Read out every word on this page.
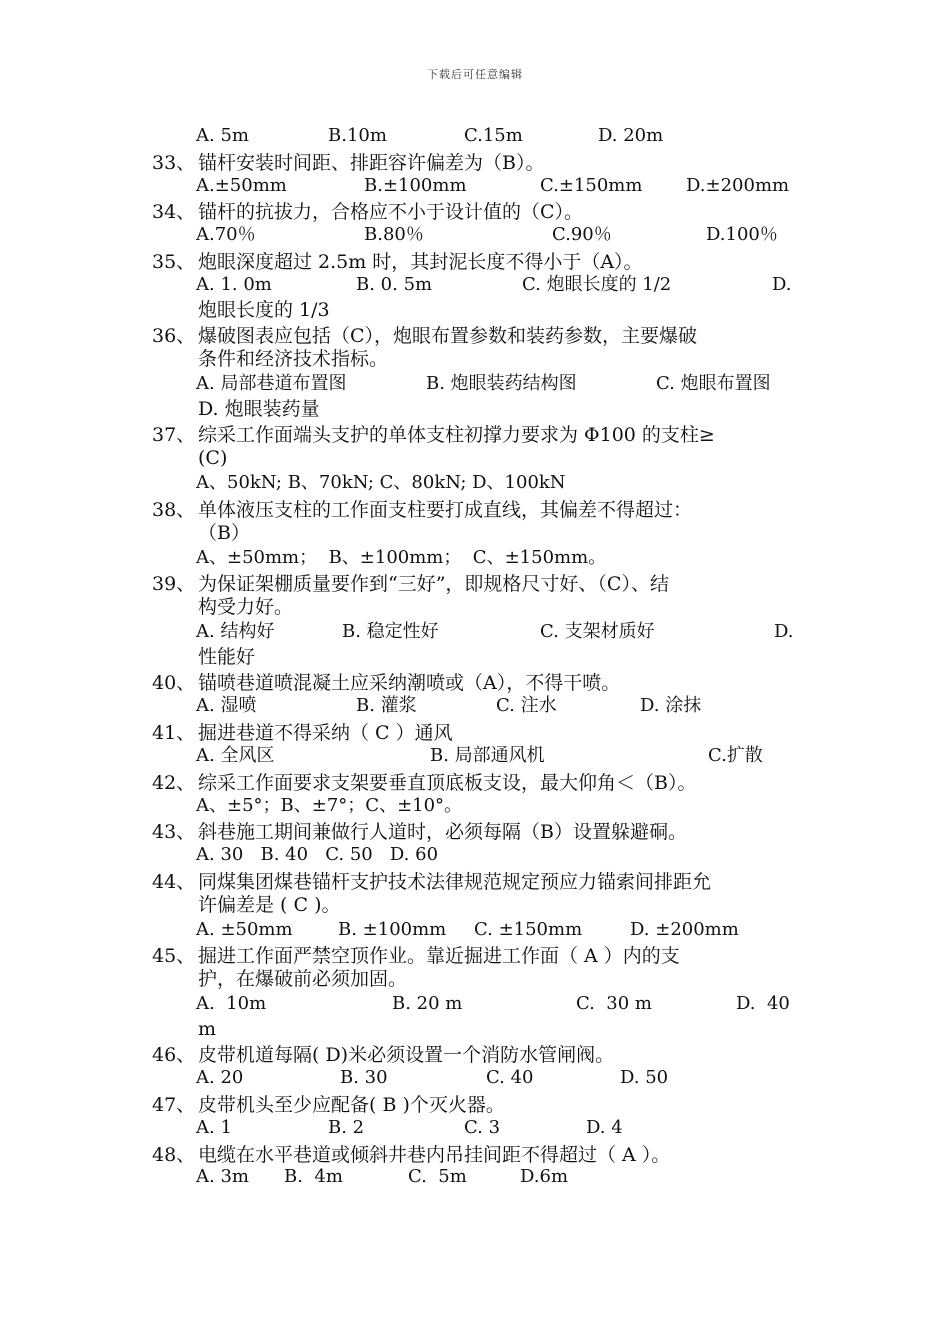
下载后可任意编辑
A. 5m	B.10m	C.15m	D. 20m
33、 锚杆安装时间距、排距容许偏差为（B）。
A.±50mm	B.±100mm	C.±150mm D.±200mm
34、 锚杆的抗拔力，合格应不小于设计值的（C）。
A.70％	B.80％	C.90％	D.100％
35、 炮眼深度超过 2.5m 时，其封泥长度不得小于（A）。
A. 1. 0m	B. 0. 5m	C. 炮眼长度的 1/2	D.
炮眼长度的 1/3
36、 爆破图表应包括（C），炮眼布置参数和装药参数，主要爆破
条件和经济技术指标。
A. 局部巷道布置图	B. 炮眼装药结构图	C. 炮眼布置图
D. 炮眼装药量
37、 综采工作面端头支护的单体支柱初撑力要求为 Φ100 的支柱≥
(C)
A、50kN; B、70kN; C、80kN; D、100kN
38、 单体液压支柱的工作面支柱要打成直线，其偏差不得超过：
（B）
A、±50mm；  B、±100mm；  C、±150mm。
39、 为保证架棚质量要作到“三好”，即规格尺寸好、（C）、结
构受力好。
A. 结构好	B. 稳定性好	C. 支架材质好	D.
性能好
40、 锚喷巷道喷混凝土应采纳潮喷或（A），不得干喷。
A. 湿喷	B. 灌浆	C. 注水	D. 涂抹
41、 掘进巷道不得采纳（ C ）通风
A. 全风区	B. 局部通风机	C.扩散
42、 综采工作面要求支架要垂直顶底板支设，最大仰角＜（B）。
A、±5°；B、±7°；C、±10°。
43、 斜巷施工期间兼做行人道时，必须每隔（B）设置躲避硐。
A. 30   B. 40   C. 50   D. 60
44、 同煤集团煤巷锚杆支护技术法律规范规定预应力锚索间排距允
许偏差是 ( C )。
A. ±50mm	B. ±100mm C. ±150mm	D. ±200mm
45、 掘进工作面严禁空顶作业。靠近掘进工作面（ A ）内的支
护，在爆破前必须加固。
A.  10m	B. 20 m	C.  30 m	D.  40
m
46、 皮带机道每隔( D)米必须设置一个消防水管闸阀。
A. 20	B. 30	C. 40	D. 50
47、 皮带机头至少应配备( B )个灭火器。
A. 1	B. 2	C. 3	D. 4
48、 电缆在水平巷道或倾斜井巷内吊挂间距不得超过（ A ）。
A. 3m B.  4m	C.  5m	D.6m
